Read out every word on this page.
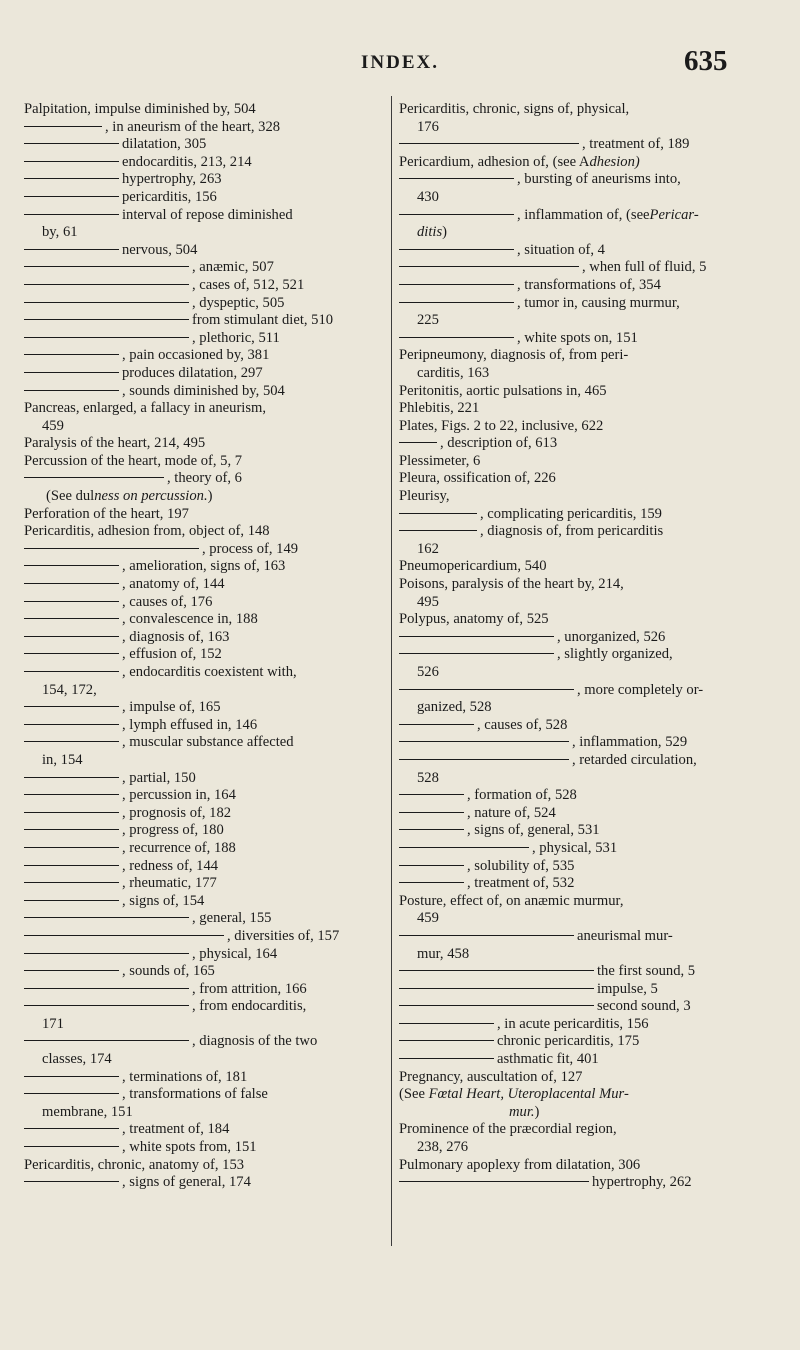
INDEX.	635
Palpitation, impulse diminished by, 504
, in aneurism of the heart, 328
dilatation, 305
endocarditis, 213, 214
hypertrophy, 263
pericarditis, 156
interval of repose diminished
by, 61
nervous, 504
, anæmic, 507
, cases of, 512, 521
, dyspeptic, 505
from stimulant diet, 510
, plethoric, 511
, pain occasioned by, 381
produces dilatation, 297
, sounds diminished by, 504
Pancreas, enlarged, a fallacy in aneurism,
459
Paralysis of the heart, 214, 495
Percussion of the heart, mode of, 5, 7
, theory of, 6
(See dulness on percussion.)
Perforation of the heart, 197
Pericarditis, adhesion from, object of, 148
, process of, 149
, amelioration, signs of, 163
, anatomy of, 144
, causes of, 176
, convalescence in, 188
, diagnosis of, 163
, effusion of, 152
, endocarditis coexistent with,
154, 172,
, impulse of, 165
, lymph effused in, 146
, muscular substance affected
in, 154
, partial, 150
, percussion in, 164
, prognosis of, 182
, progress of, 180
, recurrence of, 188
, redness of, 144
, rheumatic, 177
, signs of, 154
, general, 155
, diversities of, 157
, physical, 164
, sounds of, 165
, from attrition, 166
, from endocarditis,
171
, diagnosis of the two
classes, 174
, terminations of, 181
, transformations of false
membrane, 151
, treatment of, 184
, white spots from, 151
Pericarditis, chronic, anatomy of, 153
, signs of general, 174
Pericarditis, chronic, signs of, physical,
176
, treatment of, 189
Pericardium, adhesion of, (see Adhesion)
, bursting of aneurisms into,
430
, inflammation of, (seePericar-
ditis)
, situation of, 4
, when full of fluid, 5
, transformations of, 354
, tumor in, causing murmur,
225
, white spots on, 151
Peripneumony, diagnosis of, from peri-
carditis, 163
Peritonitis, aortic pulsations in, 465
Phlebitis, 221
Plates, Figs. 2 to 22, inclusive, 622
, description of, 613
Plessimeter, 6
Pleura, ossification of, 226
Pleurisy,
, complicating pericarditis, 159
, diagnosis of, from pericarditis
162
Pneumopericardium, 540
Poisons, paralysis of the heart by, 214,
495
Polypus, anatomy of, 525
, unorganized, 526
, slightly organized,
526
, more completely or-
ganized, 528
, causes of, 528
, inflammation, 529
, retarded circulation,
528
, formation of, 528
, nature of, 524
, signs of, general, 531
, physical, 531
, solubility of, 535
, treatment of, 532
Posture, effect of, on anæmic murmur,
459
aneurismal mur-
mur, 458
the first sound, 5
impulse, 5
second sound, 3
, in acute pericarditis, 156
chronic pericarditis, 175
asthmatic fit, 401
Pregnancy, auscultation of, 127
(See Fœtal Heart, Uteroplacental Mur-
mur.)
Prominence of the præcordial region,
238, 276
Pulmonary apoplexy from dilatation, 306
hypertrophy, 262
